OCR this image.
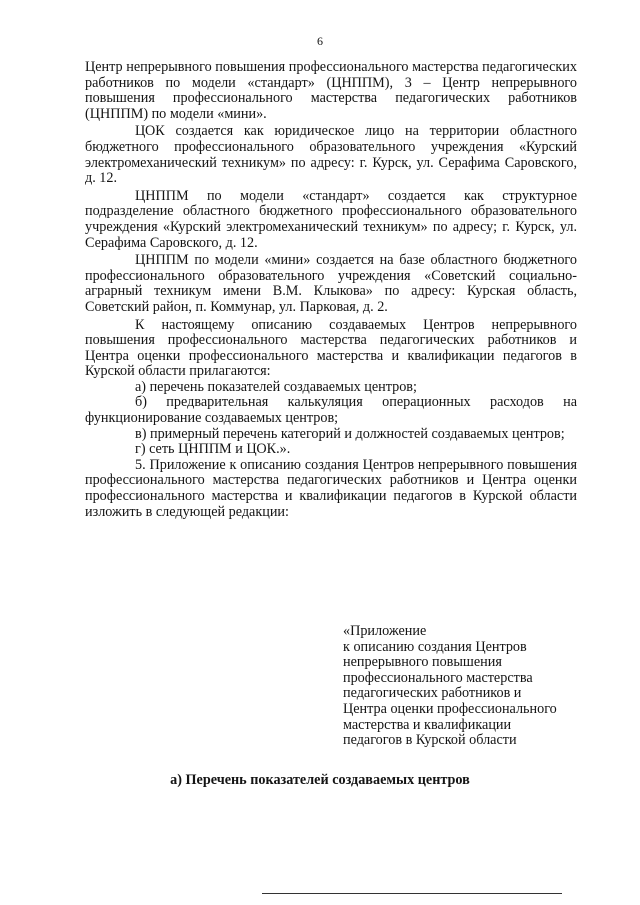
6

Центр непрерывного повышения профессионального мастерства педагогических работников по модели «стандарт» (ЦНППМ), 3 – Центр непрерывного повышения профессионального мастерства педагогических работников (ЦНППМ) по модели «мини».

ЦОК создается как юридическое лицо на территории областного бюджетного профессионального образовательного учреждения «Курский электромеханический техникум» по адресу: г. Курск, ул. Серафима Саровского, д. 12.

ЦНППМ по модели «стандарт» создается как структурное подразделение областного бюджетного профессионального образовательного учреждения «Курский электромеханический техникум» по адресу; г. Курск, ул. Серафима Саровского, д. 12.

ЦНППМ по модели «мини» создается на базе областного бюджетного профессионального образовательного учреждения «Советский социально-аграрный техникум имени В.М. Клыкова» по адресу: Курская область, Советский район, п. Коммунар, ул. Парковая, д. 2.

К настоящему описанию создаваемых Центров непрерывного повышения профессионального мастерства педагогических работников и Центра оценки профессионального мастерства и квалификации педагогов в Курской области прилагаются:

а) перечень показателей создаваемых центров;

б) предварительная калькуляция операционных расходов на функционирование создаваемых центров;

в) примерный перечень категорий и должностей создаваемых центров;

г) сеть ЦНППМ и ЦОК.».

5. Приложение к описанию создания Центров непрерывного повышения профессионального мастерства педагогических работников и Центра оценки профессионального мастерства и квалификации педагогов в Курской области изложить в следующей редакции:

«Приложение
к описанию создания Центров
непрерывного повышения
профессионального мастерства
педагогических работников и
Центра оценки профессионального
мастерства и квалификации
педагогов в Курской области
а) Перечень показателей создаваемых центров
